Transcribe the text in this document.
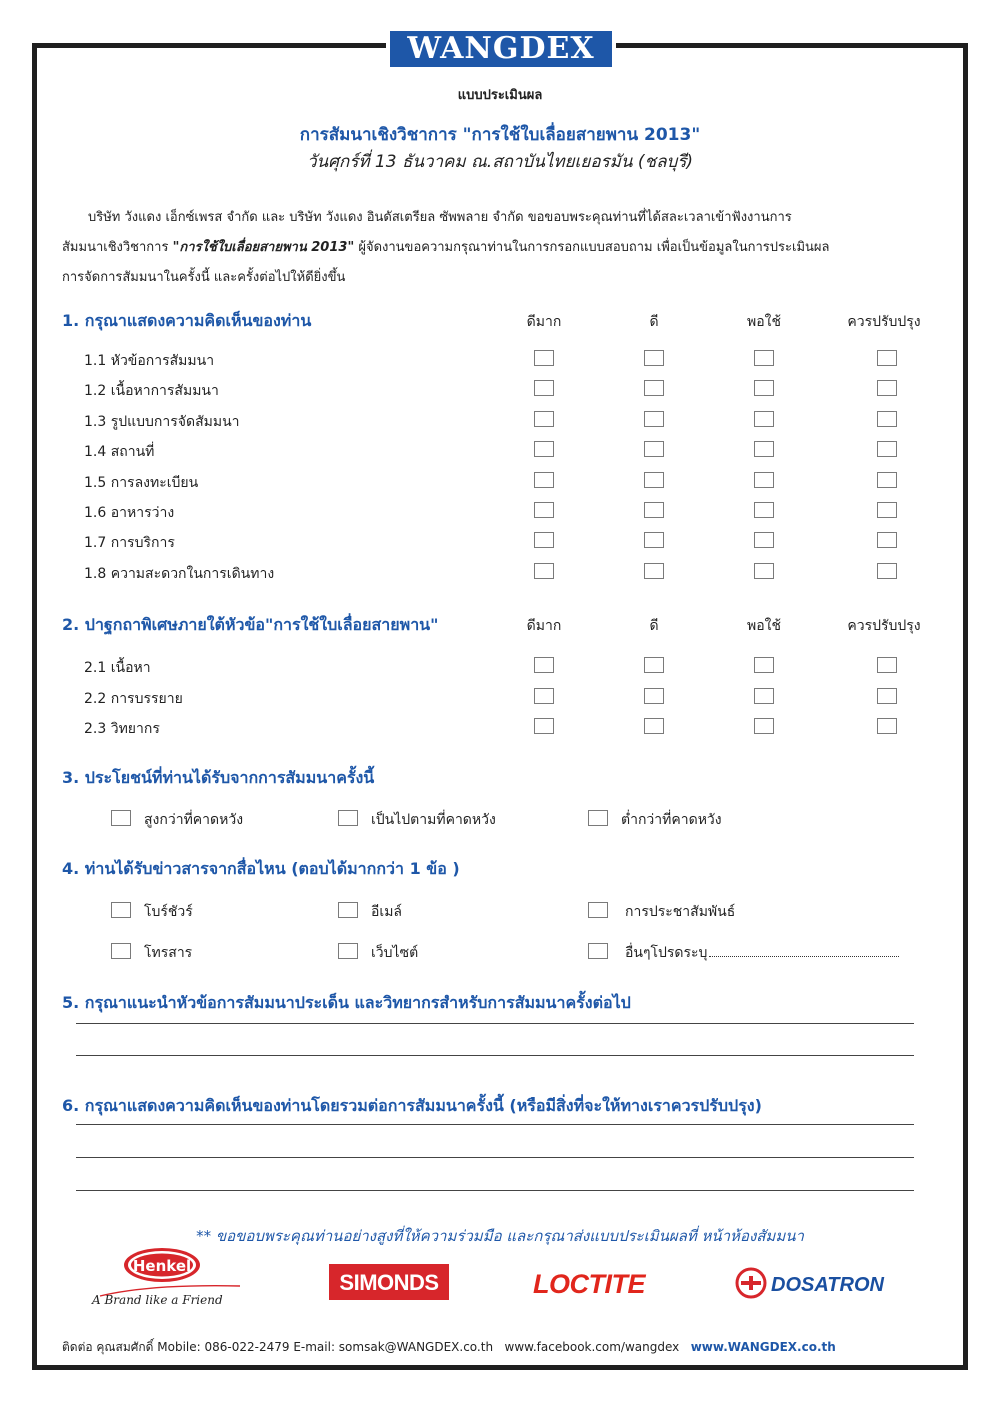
WANGDEX
แบบประเมินผล
การสัมนาเชิงวิชาการ "การใช้ใบเลื่อยสายพาน 2013"
วันศุกร์ที่ 13 ธันวาคม ณ.สถาบันไทยเยอรมัน (ชลบุรี)

บริษัท วังแดง เอ็กซ์เพรส จำกัด และ บริษัท วังแดง อินดัสเตรียล ซัพพลาย จำกัด ขอขอบพระคุณท่านที่ได้สละเวลาเข้าฟังงานการ

สัมมนาเชิงวิชาการ "การใช้ใบเลื่อยสายพาน 2013" ผู้จัดงานขอความกรุณาท่านในการกรอกแบบสอบถาม เพื่อเป็นข้อมูลในการประเมินผล

การจัดการสัมมนาในครั้งนี้ และครั้งต่อไปให้ดียิ่งขึ้น

1. กรุณาแสดงความคิดเห็นของท่าน	ดีมาก	ดี	พอใช้	ควรปรับปรุง
1.1 หัวข้อการสัมมนา
1.2 เนื้อหาการสัมมนา
1.3 รูปแบบการจัดสัมมนา
1.4 สถานที่
1.5 การลงทะเบียน
1.6 อาหารว่าง
1.7 การบริการ
1.8 ความสะดวกในการเดินทาง
2. ปาฐกถาพิเศษภายใต้หัวข้อ"การใช้ใบเลื่อยสายพาน"	ดีมาก	ดี	พอใช้	ควรปรับปรุง
2.1 เนื้อหา
2.2 การบรรยาย
2.3 วิทยากร
3. ประโยชน์ที่ท่านได้รับจากการสัมมนาครั้งนี้
สูงกว่าที่คาดหวัง	เป็นไปตามที่คาดหวัง	ต่ำกว่าที่คาดหวัง
4. ท่านได้รับข่าวสารจากสื่อไหน (ตอบได้มากกว่า 1 ข้อ )
โบร์ชัวร์	อีเมล์	การประชาสัมพันธ์
โทรสาร	เว็บไซต์	อื่นๆโปรดระบุ
5. กรุณาแนะนำหัวข้อการสัมมนาประเด็น และวิทยากรสำหรับการสัมมนาครั้งต่อไป
6. กรุณาแสดงความคิดเห็นของท่านโดยรวมต่อการสัมมนาครั้งนี้ (หรือมีสิ่งที่จะให้ทางเราควรปรับปรุง)
** ขอขอบพระคุณท่านอย่างสูงที่ให้ความร่วมมือ และกรุณาส่งแบบประเมินผลที่ หน้าห้องสัมมนา
Henkel
A Brand like a Friend
SIMONDS	LOCTITE	DOSATRON
ติดต่อ คุณสมศักดิ์ Mobile: 086-022-2479 E-mail: somsak@WANGDEX.co.th www.facebook.com/wangdex www.WANGDEX.co.th
